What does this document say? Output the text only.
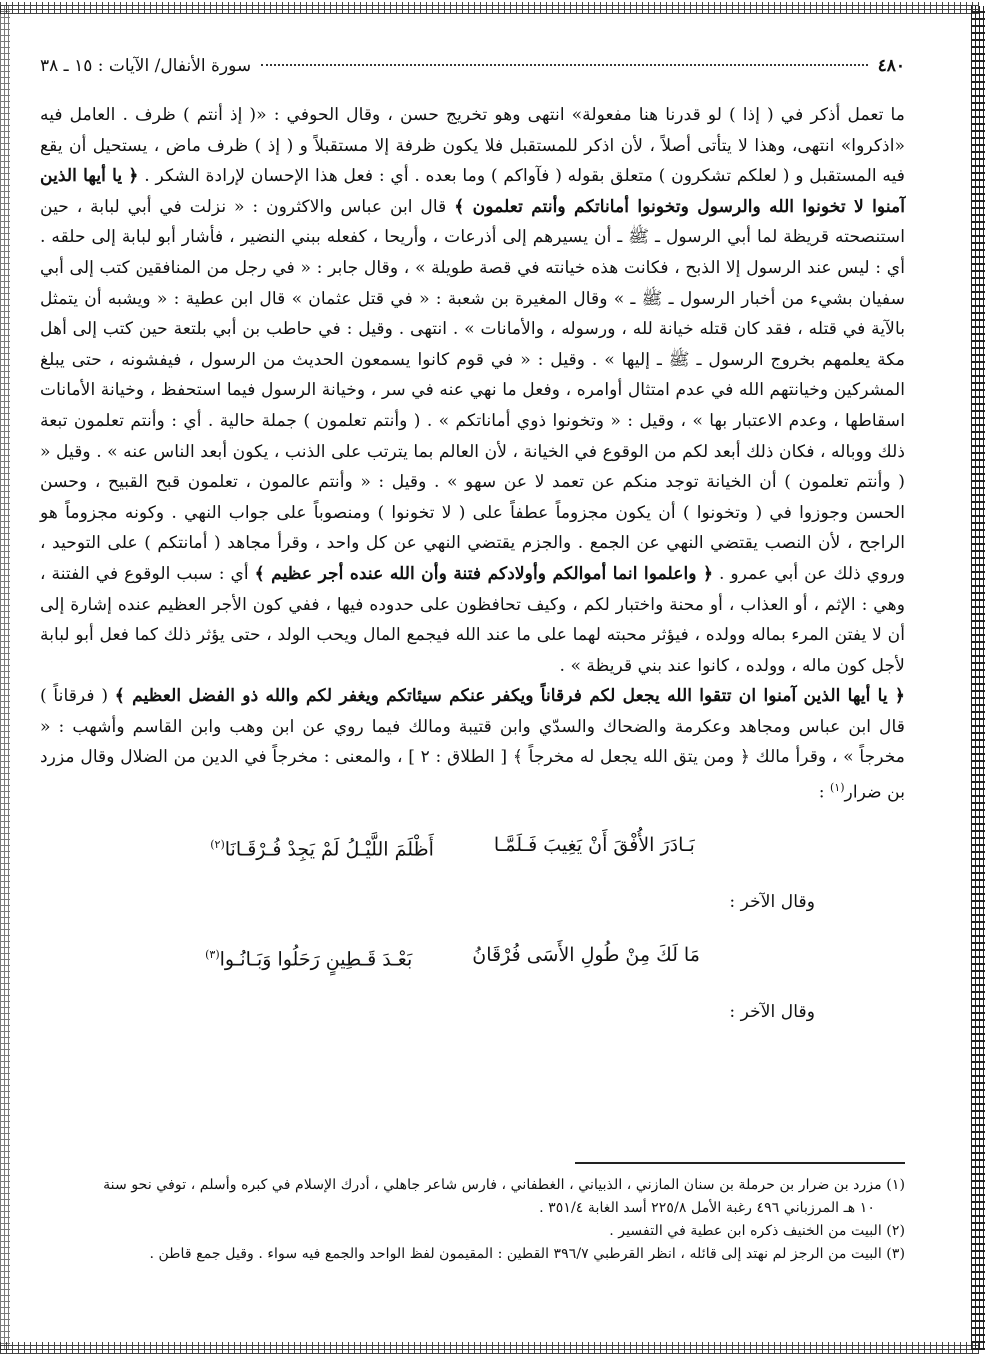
٤٨٠
سورة الأنفال/ الآيات : ١٥ ـ ٣٨

ما تعمل أذكر في ( إذا ) لو قدرنا هنا مفعولة» انتهى وهو تخريج حسن ، وقال الحوفي : «( إذ أنتم ) ظرف . العامل فيه «اذكروا» انتهى، وهذا لا يتأتى أصلاً ، لأن اذكر للمستقبل فلا يكون ظرفة إلا مستقبلاً و ( إذ ) ظرف ماض ، يستحيل أن يقع فيه المستقبل و ( لعلكم تشكرون ) متعلق بقوله ( فآواكم ) وما بعده . أي : فعل هذا الإحسان لإرادة الشكر . ﴿ يا أيها الذين آمنوا لا تخونوا الله والرسول وتخونوا أماناتكم وأنتم تعلمون ﴾ قال ابن عباس والاكثرون : « نزلت في أبي لبابة ، حين استنصحته قريظة لما أبي الرسول ـ ﷺ ـ أن يسيرهم إلى أذرعات ، وأريحا ، كفعله ببني النضير ، فأشار أبو لبابة إلى حلقه . أي : ليس عند الرسول إلا الذبح ، فكانت هذه خيانته في قصة طويلة » ، وقال جابر : « في رجل من المنافقين كتب إلى أبي سفيان بشيء من أخبار الرسول ـ ﷺ ـ » وقال المغيرة بن شعبة : « في قتل عثمان » قال ابن عطية : « ويشبه أن يتمثل بالآية في قتله ، فقد كان قتله خيانة لله ، ورسوله ، والأمانات » . انتهى . وقيل : في حاطب بن أبي بلتعة حين كتب إلى أهل مكة يعلمهم بخروج الرسول ـ ﷺ ـ إليها » . وقيل : « في قوم كانوا يسمعون الحديث من الرسول ، فيفشونه ، حتى يبلغ المشركين وخيانتهم الله في عدم امتثال أوامره ، وفعل ما نهي عنه في سر ، وخيانة الرسول فيما استحفظ ، وخيانة الأمانات اسقاطها ، وعدم الاعتبار بها » ، وقيل : « وتخونوا ذوي أماناتكم » . ( وأنتم تعلمون ) جملة حالية . أي : وأنتم تعلمون تبعة ذلك ووباله ، فكان ذلك أبعد لكم من الوقوع في الخيانة ، لأن العالم بما يترتب على الذنب ، يكون أبعد الناس عنه » . وقيل « ( وأنتم تعلمون ) أن الخيانة توجد منكم عن تعمد لا عن سهو » . وقيل : « وأنتم عالمون ، تعلمون قبح القبيح ، وحسن الحسن وجوزوا في ( وتخونوا ) أن يكون مجزوماً عطفاً على ( لا تخونوا ) ومنصوباً على جواب النهي . وكونه مجزوماً هو الراجح ، لأن النصب يقتضي النهي عن الجمع . والجزم يقتضي النهي عن كل واحد ، وقرأ مجاهد ( أمانتكم ) على التوحيد ، وروي ذلك عن أبي عمرو . ﴿ واعلموا انما أموالكم وأولادكم فتنة وأن الله عنده أجر عظيم ﴾ أي : سبب الوقوع في الفتنة ، وهي : الإثم ، أو العذاب ، أو محنة واختبار لكم ، وكيف تحافظون على حدوده فيها ، ففي كون الأجر العظيم عنده إشارة إلى أن لا يفتن المرء بماله وولده ، فيؤثر محبته لهما على ما عند الله فيجمع المال ويحب الولد ، حتى يؤثر ذلك كما فعل أبو لبابة لأجل كون ماله ، وولده ، كانوا عند بني قريظة » .

﴿ يا أيها الذين آمنوا ان تتقوا الله يجعل لكم فرقاناً ويكفر عنكم سيئاتكم ويغفر لكم والله ذو الفضل العظيم ﴾ ( فرقاناً ) قال ابن عباس ومجاهد وعكرمة والضحاك والسدّي وابن قتيبة ومالك فيما روي عن ابن وهب وابن القاسم وأشهب : « مخرجاً » ، وقرأ مالك ﴿ ومن يتق الله يجعل له مخرجاً ﴾ [ الطلاق : ٢ ] ، والمعنى : مخرجاً في الدين من الضلال وقال مزرد بن ضرار$^{(١)}$ :

بَـادَرَ الأُفْقَ أَنْ يَغِيبَ فَـلَمَّـا
أَظْلَمَ اللَّيْـلُ لَمْ يَجِدْ فُـرْقَـانَا$^{(٢)}$
وقال الآخر :
مَا لَكَ مِنْ طُولِ الأَسَى فُرْقَانُ
بَعْـدَ قَـطِينٍ رَحَلُوا وَبَـانُـوا$^{(٣)}$
وقال الآخر :

(١) مزرد بن ضرار بن حرملة بن سنان المازني ، الذبياني ، الغطفاني ، فارس شاعر جاهلي ، أدرك الإسلام في كبره وأسلم ، توفي نحو سنة

١٠ هـ المرزباني ٤٩٦ رغبة الأمل ٢٢٥/٨ أسد الغابة ٣٥١/٤ .

(٢) البيت من الخنيف ذكره ابن عطية في التفسير .

(٣) البيت من الرجز لم نهتد إلى قائله ، انظر القرطبي ٣٩٦/٧ القطين : المقيمون لفظ الواحد والجمع فيه سواء . وقيل جمع قاطن .
